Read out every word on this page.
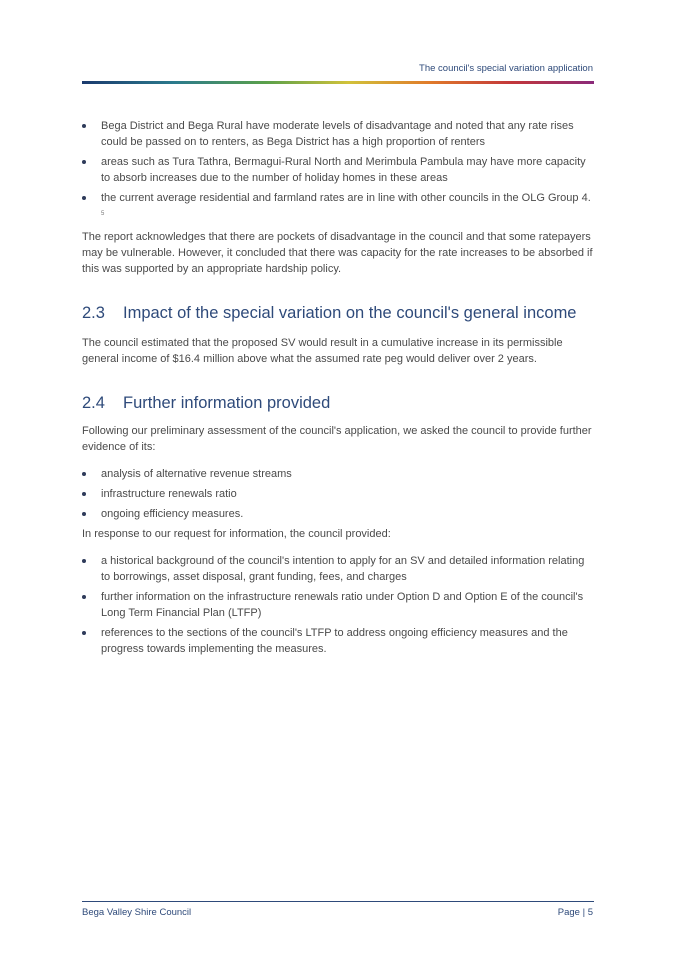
The council's special variation application
Bega District and Bega Rural have moderate levels of disadvantage and noted that any rate rises could be passed on to renters, as Bega District has a high proportion of renters
areas such as Tura Tathra, Bermagui-Rural North and Merimbula Pambula may have more capacity to absorb increases due to the number of holiday homes in these areas
the current average residential and farmland rates are in line with other councils in the OLG Group 4. $^5$

The report acknowledges that there are pockets of disadvantage in the council and that some ratepayers may be vulnerable. However, it concluded that there was capacity for the rate increases to be absorbed if this was supported by an appropriate hardship policy.

2.3	Impact of the special variation on the council's general income

The council estimated that the proposed SV would result in a cumulative increase in its permissible general income of $16.4 million above what the assumed rate peg would deliver over 2 years.

2.4	Further information provided

Following our preliminary assessment of the council's application, we asked the council to provide further evidence of its:

analysis of alternative revenue streams
infrastructure renewals ratio
ongoing efficiency measures.

In response to our request for information, the council provided:

a historical background of the council's intention to apply for an SV and detailed information relating to borrowings, asset disposal, grant funding, fees, and charges
further information on the infrastructure renewals ratio under Option D and Option E of the council's Long Term Financial Plan (LTFP)
references to the sections of the council's LTFP to address ongoing efficiency measures and the progress towards implementing the measures.
Bega Valley Shire Council	Page | 5
